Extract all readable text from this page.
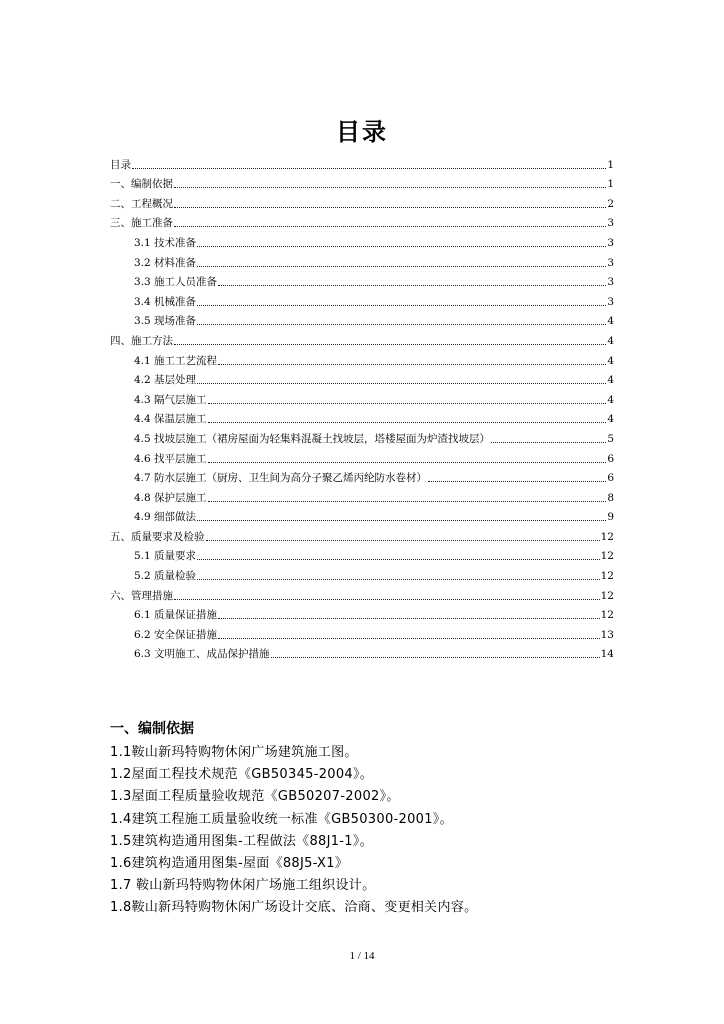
目录
目录	1
一、编制依据	1
二、工程概况	2
三、施工准备	3
3.1 技术准备	3
3.2 材料准备	3
3.3 施工人员准备	3
3.4 机械准备	3
3.5 现场准备	4
四、施工方法	4
4.1 施工工艺流程	4
4.2 基层处理	4
4.3 隔气层施工	4
4.4 保温层施工	4
4.5 找坡层施工（裙房屋面为轻集料混凝土找坡层，塔楼屋面为炉渣找坡层）	5
4.6 找平层施工	6
4.7 防水层施工（厨房、卫生间为高分子聚乙烯丙纶防水卷材）	6
4.8 保护层施工	8
4.9 细部做法	9
五、质量要求及检验	12
5.1 质量要求	12
5.2 质量检验	12
六、管理措施	12
6.1 质量保证措施	12
6.2 安全保证措施	13
6.3 文明施工、成品保护措施	14
一、编制依据
1.1鞍山新玛特购物休闲广场建筑施工图。
1.2屋面工程技术规范《GB50345-2004》。
1.3屋面工程质量验收规范《GB50207-2002》。
1.4建筑工程施工质量验收统一标准《GB50300-2001》。
1.5建筑构造通用图集-工程做法《88J1-1》。
1.6建筑构造通用图集-屋面《88J5-X1》
1.7 鞍山新玛特购物休闲广场施工组织设计。
1.8鞍山新玛特购物休闲广场设计交底、洽商、变更相关内容。
1 / 14
